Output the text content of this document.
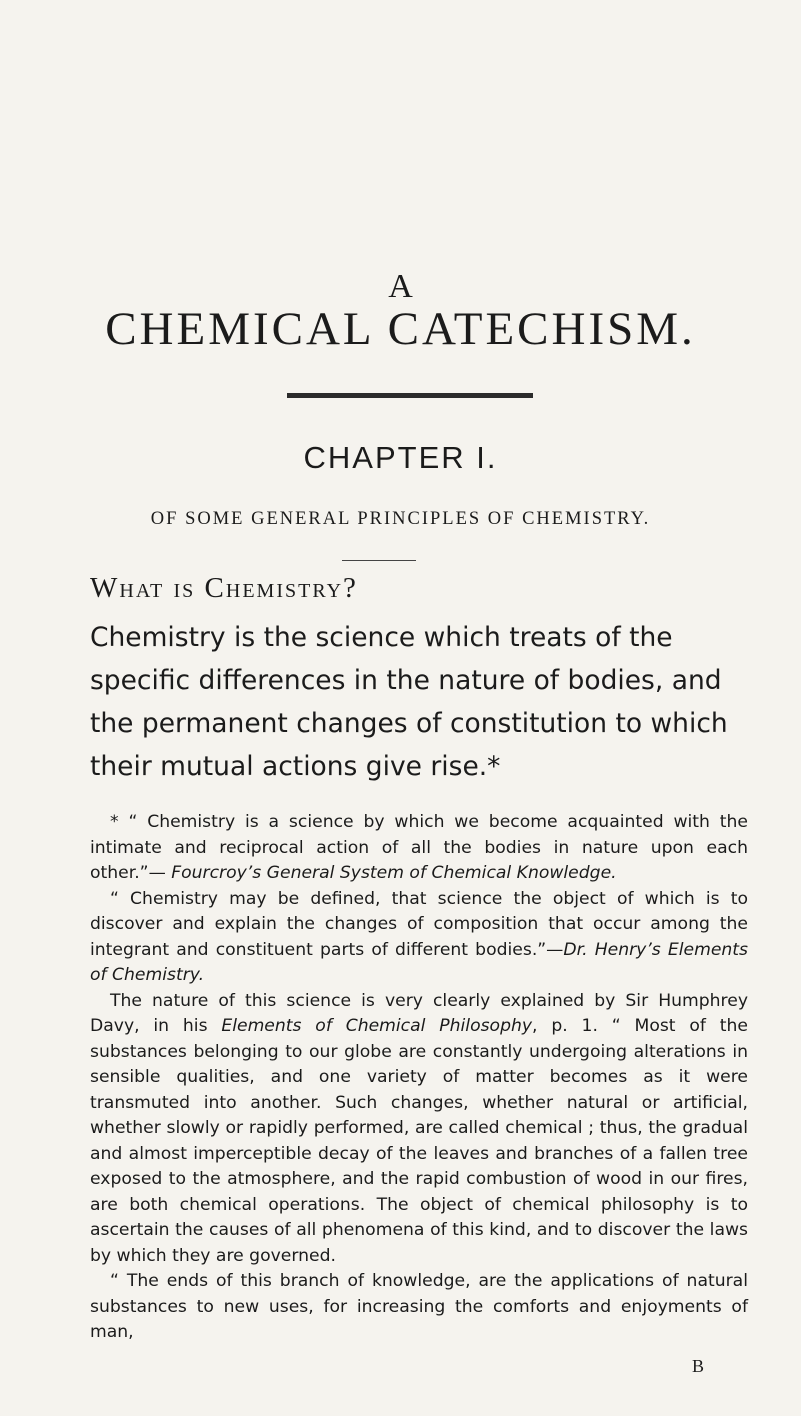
A
CHEMICAL CATECHISM.
CHAPTER I.
OF SOME GENERAL PRINCIPLES OF CHEMISTRY.
What is Chemistry?
Chemistry is the science which treats of the specific differences in the nature of bodies, and the permanent changes of constitution to which their mutual actions give rise.*

* “ Chemistry is a science by which we become acquainted with the intimate and reciprocal action of all the bodies in nature upon each other.”— Fourcroy’s General System of Chemical Knowledge.

“ Chemistry may be defined, that science the object of which is to discover and explain the changes of composition that occur among the integrant and constituent parts of different bodies.”—Dr. Henry’s Elements of Chemistry.

The nature of this science is very clearly explained by Sir Humphrey Davy, in his Elements of Chemical Philosophy, p. 1. “ Most of the substances belonging to our globe are constantly undergoing alterations in sensible qualities, and one variety of matter becomes as it were transmuted into another. Such changes, whether natural or artificial, whether slowly or rapidly performed, are called chemical ; thus, the gradual and almost imperceptible decay of the leaves and branches of a fallen tree exposed to the atmosphere, and the rapid combustion of wood in our fires, are both chemical operations. The object of chemical philosophy is to ascertain the causes of all phenomena of this kind, and to discover the laws by which they are governed.

“ The ends of this branch of knowledge, are the applications of natural substances to new uses, for increasing the comforts and enjoyments of man,

B
